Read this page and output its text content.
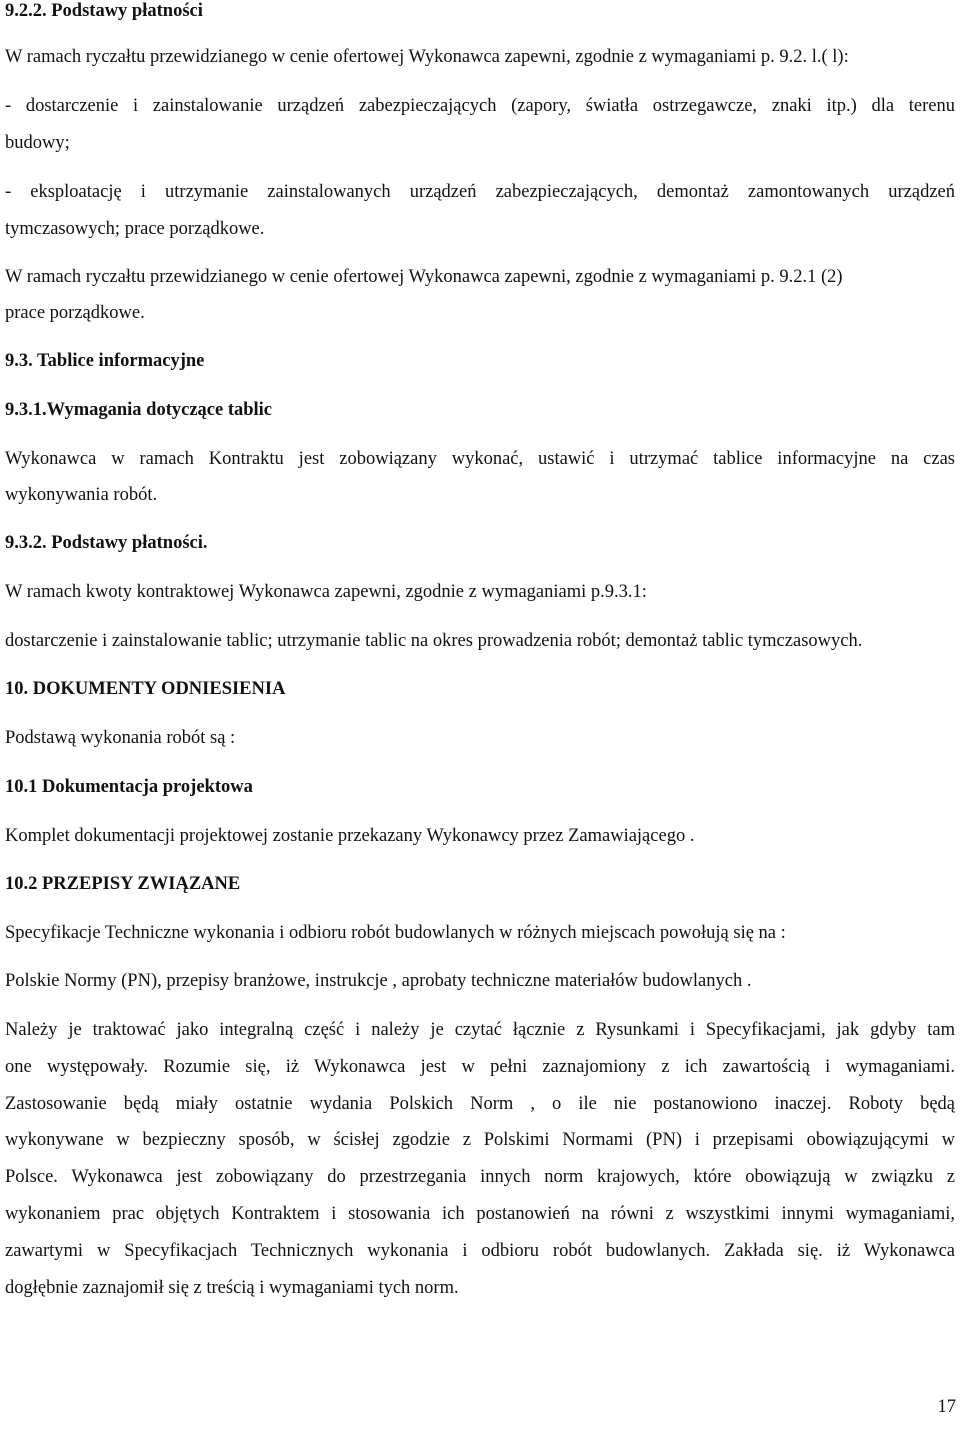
9.2.2. Podstawy płatności
W ramach ryczałtu przewidzianego w cenie ofertowej Wykonawca zapewni, zgodnie z wymaganiami p. 9.2. l.( l):
- dostarczenie i zainstalowanie urządzeń zabezpieczających (zapory, światła ostrzegawcze, znaki itp.) dla terenu
budowy;
- eksploatację i utrzymanie zainstalowanych urządzeń zabezpieczających, demontaż zamontowanych urządzeń
tymczasowych; prace porządkowe.
W ramach ryczałtu przewidzianego w cenie ofertowej Wykonawca zapewni, zgodnie z wymaganiami p. 9.2.1 (2)
prace porządkowe.
9.3. Tablice informacyjne
9.3.1.Wymagania dotyczące tablic
Wykonawca w ramach Kontraktu jest zobowiązany wykonać, ustawić i utrzymać tablice informacyjne na czas
wykonywania robót.
9.3.2. Podstawy płatności.
W ramach kwoty kontraktowej Wykonawca zapewni, zgodnie z wymaganiami p.9.3.1:
dostarczenie i zainstalowanie tablic; utrzymanie tablic na okres prowadzenia robót; demontaż tablic tymczasowych.
10. DOKUMENTY ODNIESIENIA
Podstawą wykonania robót są :
10.1 Dokumentacja projektowa
Komplet dokumentacji projektowej zostanie przekazany Wykonawcy przez Zamawiającego .
10.2 PRZEPISY ZWIĄZANE
Specyfikacje Techniczne wykonania i odbioru robót budowlanych w różnych miejscach powołują się na :
Polskie Normy (PN), przepisy branżowe, instrukcje , aprobaty techniczne materiałów budowlanych .
Należy je traktować jako integralną część i należy je czytać łącznie z Rysunkami i Specyfikacjami, jak gdyby tam
one występowały. Rozumie się, iż Wykonawca jest w pełni zaznajomiony z ich zawartością i wymaganiami.
Zastosowanie będą miały ostatnie wydania Polskich Norm , o ile nie postanowiono inaczej. Roboty będą
wykonywane w bezpieczny sposób, w ścisłej zgodzie z Polskimi Normami (PN) i przepisami obowiązującymi w
Polsce. Wykonawca jest zobowiązany do przestrzegania innych norm krajowych, które obowiązują w związku z
wykonaniem prac objętych Kontraktem i stosowania ich postanowień na równi z wszystkimi innymi wymaganiami,
zawartymi w Specyfikacjach Technicznych wykonania i odbioru robót budowlanych. Zakłada się. iż Wykonawca
dogłębnie zaznajomił się z treścią i wymaganiami tych norm.
17
